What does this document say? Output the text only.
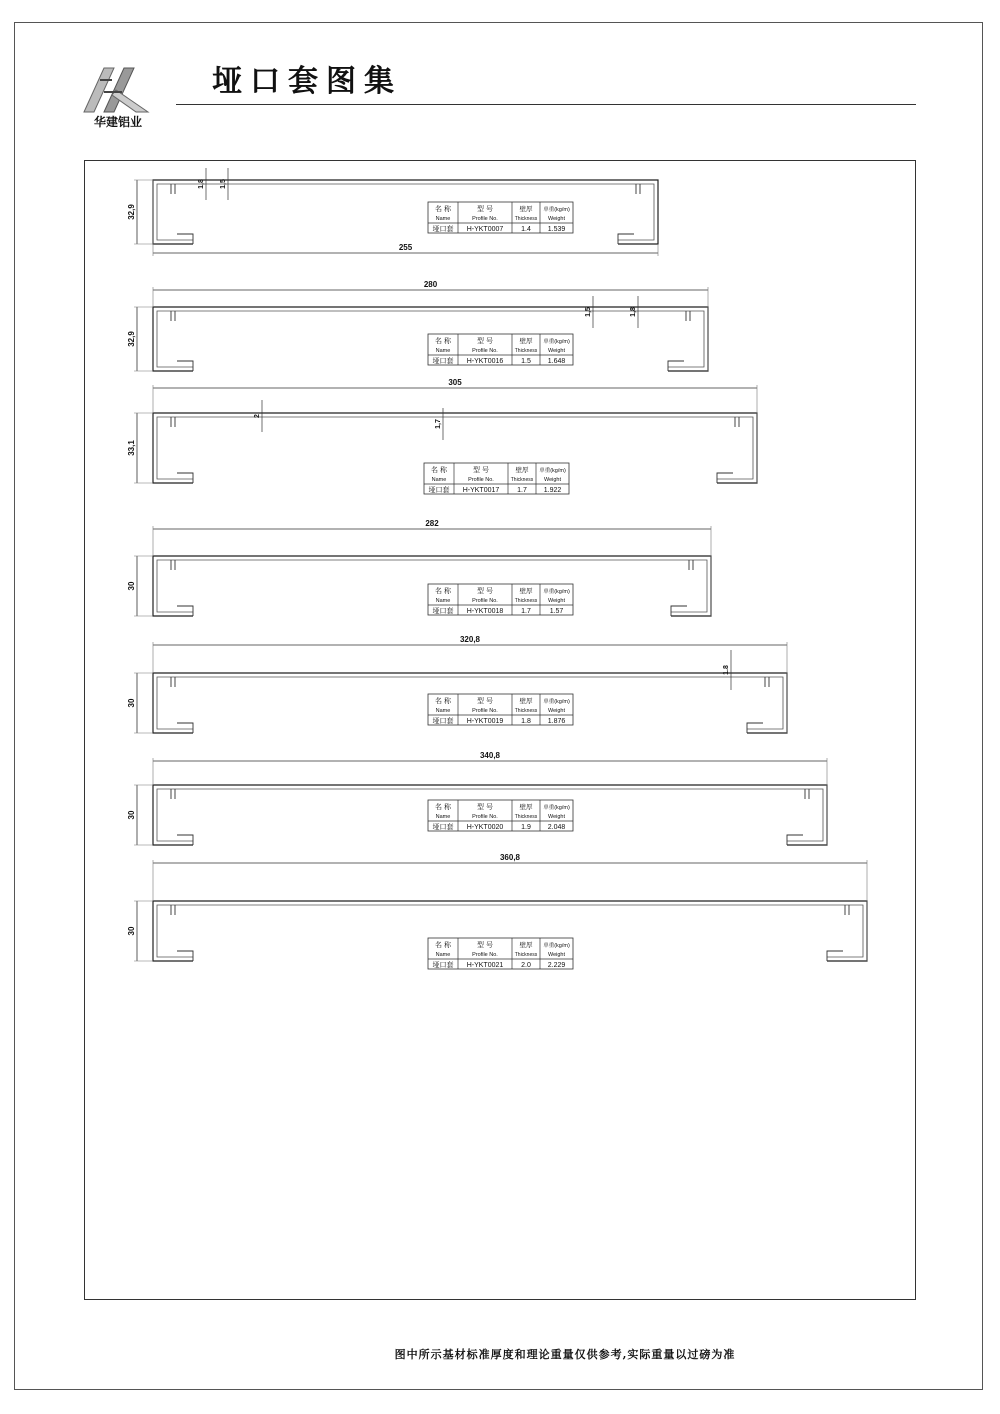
华建铝业
垭口套图集
255
32,9
1,8 1,5
名 称
Name
型 号
Profile No.
壁厚
Thickness
单重(kg/m)
Weight
垭口套 H-YKT0007	1.4 1.539
280
32,9
1,5	1,8
名 称
Name
型 号
Profile No.
壁厚
Thickness
单重(kg/m)
Weight
垭口套 H-YKT0016	1.5 1.648
305
33,1
2
1,7
名 称
Name
型 号
Profile No.
壁厚
Thickness
单重(kg/m)
Weight
垭口套 H-YKT0017	1.7 1.922
282
30
名 称
Name
型 号
Profile No.
壁厚
Thickness
单重(kg/m)
Weight
垭口套 H-YKT0018	1.7	1.57
320,8
30
1.8
名 称
Name
型 号
Profile No.
壁厚
Thickness
单重(kg/m)
Weight
垭口套 H-YKT0019	1.8 1.876
340,8
30
名 称
Name
型 号
Profile No.
壁厚
Thickness
单重(kg/m)
Weight
垭口套 H-YKT0020	1.9 2.048
360,8
30
名 称
Name
型 号
Profile No.
壁厚
Thickness
单重(kg/m)
Weight
垭口套 H-YKT0021	2.0 2.229
图中所示基材标准厚度和理论重量仅供参考,实际重量以过磅为准
